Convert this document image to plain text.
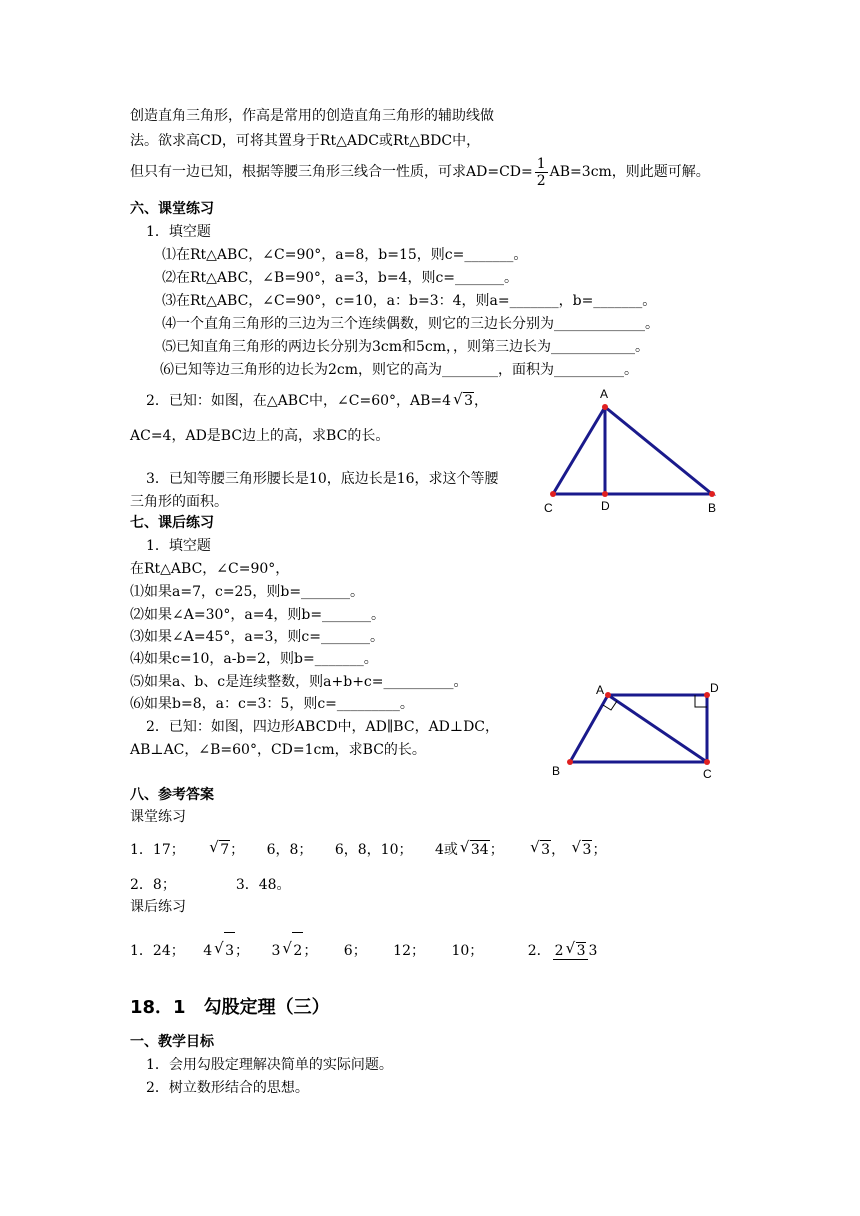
创造直角三角形，作高是常用的创造直角三角形的辅助线做
法。欲求高CD，可将其置身于Rt△ADC或Rt△BDC中，
但只有一边已知，根据等腰三角形三线合一性质，可求$AD=CD= \frac{1}{2} AB=3cm$，则此题可解。
六、课堂练习
1．填空题
⑴在Rt△ABC，∠C=90°，a=8，b=15，则c=_______。
⑵在Rt△ABC，∠B=90°，a=3，b=4，则c=_______。
⑶在Rt△ABC，∠C=90°，c=10，a：b=3：4，则a=_______，b=_______。
⑷一个直角三角形的三边为三个连续偶数，则它的三边长分别为_____________。
⑸已知直角三角形的两边长分别为3cm和5cm，，则第三边长为____________。
⑹已知等边三角形的边长为2cm，则它的高为________，面积为__________。
2．已知：如图，在△ABC中，∠C=60°，AB=4 √ 3，
AC=4，AD是BC边上的高，求BC的长。
3．已知等腰三角形腰长是10，底边长是16，求这个等腰
三角形的面积。
A
C	D	B
七、课后练习
1．填空题
在Rt△ABC，∠C=90°，
⑴如果a=7，c=25，则b=_______。
⑵如果∠A=30°，a=4，则b=_______。
⑶如果∠A=45°，a=3，则c=_______。
⑷如果c=10，a-b=2，则b=_______。
⑸如果a、b、c是连续整数，则a+b+c=__________。
⑹如果b=8，a：c=3：5，则c=_________。
2．已知：如图，四边形ABCD中，AD∥BC，AD⊥DC，
AB⊥AC，∠B=60°，CD=1cm，求BC的长。
A	D
C
B
八、参考答案
课堂练习
1．17；	√ 7； 6，8； 6，8，10； 4或 √ 34；	√ 3， √ 3；
2．8；	3．48。
课后练习
1．24； 4 √ 3； 3 √ 2； 6； 12； 10；	2． 2 √ 3 3
18．1　勾股定理（三）
一、教学目标
1．会用勾股定理解决简单的实际问题。
2．树立数形结合的思想。
